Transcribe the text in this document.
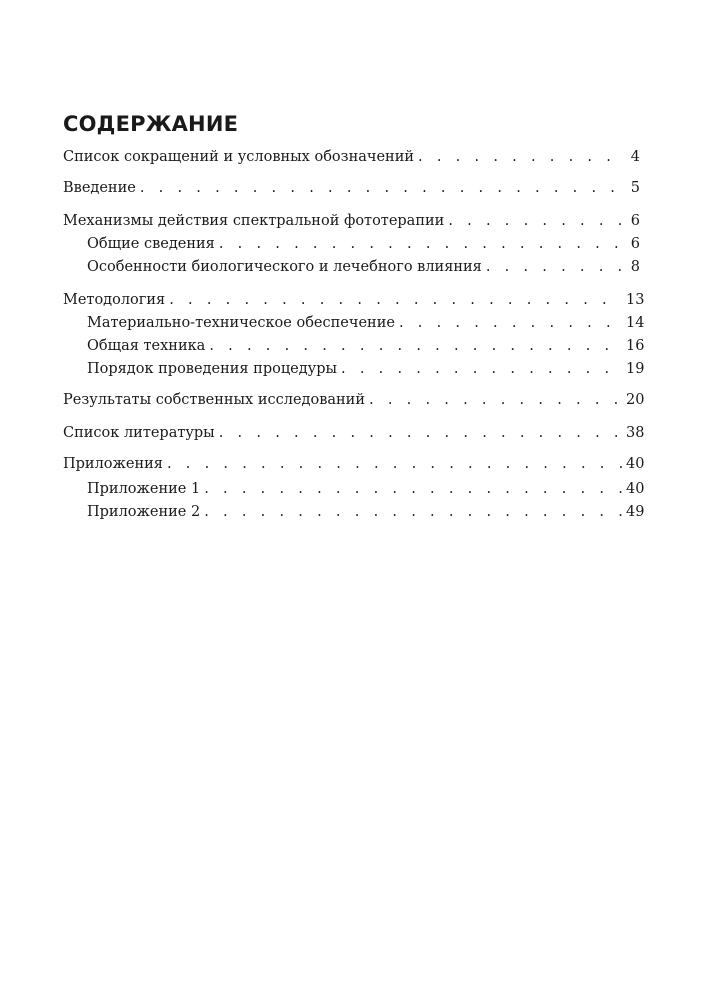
СОДЕРЖАНИЕ
Список сокращений и условных обозначений . . .	4
Введение . . .	5
Механизмы действия спектральной фототерапии . . .	6
Общие сведения . . .	6
Особенности биологического и лечебного влияния . . .	8
Методология . . .	13
Материально-техническое обеспечение . . .	14
Общая техника . . .	16
Порядок проведения процедуры . . .	19
Результаты собственных исследований . . .	20
Список литературы . . .	38
Приложения . . .	40
Приложение 1 . . .	40
Приложение 2 . . .	49
